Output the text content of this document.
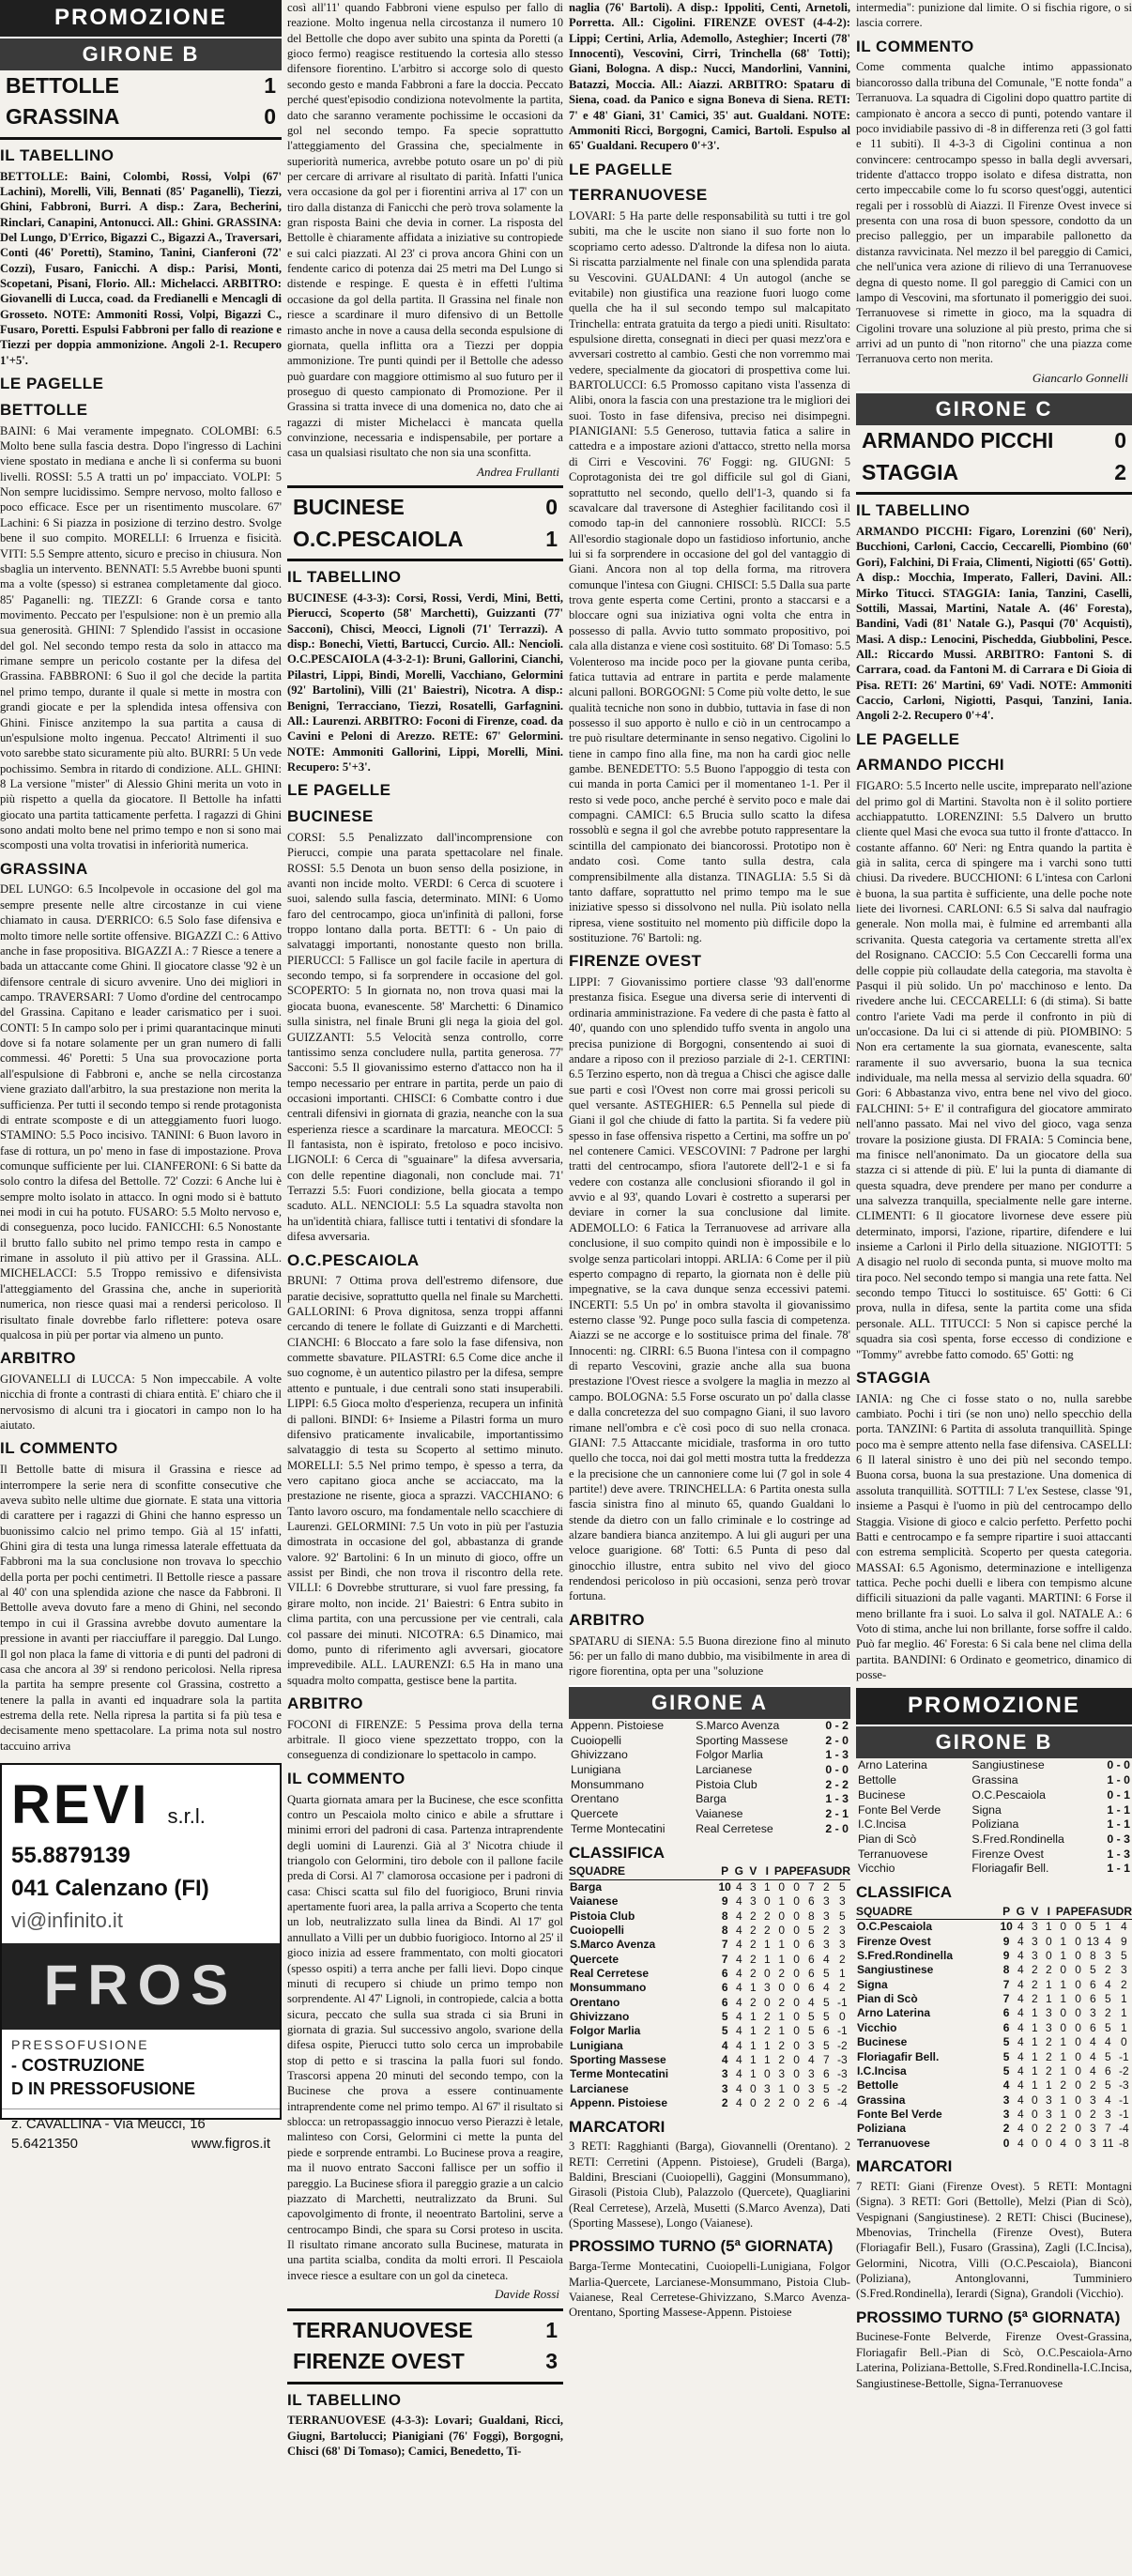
PROMOZIONE
GIRONE B
BETTOLLE	1
GRASSINA	0
IL TABELLINO

BETTOLLE: Baini, Colombi, Rossi, Volpi (67' Lachini), Morelli, Vili, Bennati (85' Paganelli), Tiezzi, Ghini, Fabbroni, Burri. A disp.: Zara, Becherini, Rinclari, Canapini, Antonucci. All.: Ghini. GRASSINA: Del Lungo, D'Errico, Bigazzi C., Bigazzi A., Traversari, Conti (46' Poretti), Stamino, Tanini, Cianferoni (72' Cozzi), Fusaro, Fanicchi. A disp.: Parisi, Monti, Scopetani, Pisani, Florio. All.: Michelacci. ARBITRO: Giovanelli di Lucca, coad. da Fredianelli e Mencagli di Grosseto. NOTE: Ammoniti Rossi, Volpi, Bigazzi C., Fusaro, Poretti. Espulsi Fabbroni per fallo di reazione e Tiezzi per doppia ammonizione. Angoli 2-1. Recupero 1'+5'.

LE PAGELLE
BETTOLLE

BAINI: 6 Mai veramente impegnato. COLOMBI: 6.5 Molto bene sulla fascia destra. Dopo l'ingresso di Lachini viene spostato in mediana e anche lì si conferma su buoni livelli. ROSSI: 5.5 A tratti un po' impacciato. VOLPI: 5 Non sempre lucidissimo. Sempre nervoso, molto falloso e poco efficace. Esce per un risentimento muscolare. 67' Lachini: 6 Si piazza in posizione di terzino destro. Svolge bene il suo compito. MORELLI: 6 Irruenza e fisicità. VITI: 5.5 Sempre attento, sicuro e preciso in chiusura. Non sbaglia un intervento. BENNATI: 5.5 Avrebbe buoni spunti ma a volte (spesso) si estranea completamente dal gioco. 85' Paganelli: ng. TIEZZI: 6 Grande corsa e tanto movimento. Peccato per l'espulsione: non è un premio alla sua generosità. GHINI: 7 Splendido l'assist in occasione del gol. Nel secondo tempo resta da solo in attacco ma rimane sempre un pericolo costante per la difesa del Grassina. FABBRONI: 6 Suo il gol che decide la partita nel primo tempo, durante il quale si mette in mostra con grandi giocate e per la splendida intesa offensiva con Ghini. Finisce anzitempo la sua partita a causa di un'espulsione molto ingenua. Peccato! Altrimenti il suo voto sarebbe stato sicuramente più alto. BURRI: 5 Un vede pochissimo. Sembra in ritardo di condizione. ALL. GHINI: 8 La versione "mister" di Alessio Ghini merita un voto in più rispetto a quella da giocatore. Il Bettolle ha infatti giocato una partita tatticamente perfetta. I ragazzi di Ghini sono andati molto bene nel primo tempo e non si sono mai scomposti una volta trovatisi in inferiorità numerica.

GRASSINA

DEL LUNGO: 6.5 Incolpevole in occasione del gol ma sempre presente nelle altre circostanze in cui viene chiamato in causa. D'ERRICO: 6.5 Solo fase difensiva e molto timore nelle sortite offensive. BIGAZZI C.: 6 Attivo anche in fase propositiva. BIGAZZI A.: 7 Riesce a tenere a bada un attaccante come Ghini. Il giocatore classe '92 è un difensore centrale di sicuro avvenire. Uno dei migliori in campo. TRAVERSARI: 7 Uomo d'ordine del centrocampo del Grassina. Capitano e leader carismatico per i suoi. CONTI: 5 In campo solo per i primi quarantacinque minuti dove si fa notare solamente per un gran numero di falli commessi. 46' Poretti: 5 Una sua provocazione porta all'espulsione di Fabbroni e, anche se nella circostanza viene graziato dall'arbitro, la sua prestazione non merita la sufficienza. Per tutti il secondo tempo si rende protagonista di entrate scomposte e di un atteggiamento fuori luogo. STAMINO: 5.5 Poco incisivo. TANINI: 6 Buon lavoro in fase di rottura, un po' meno in fase di impostazione. Prova comunque sufficiente per lui. CIANFERONI: 6 Si batte da solo contro la difesa del Bettolle. 72' Cozzi: 6 Anche lui è sempre molto isolato in attacco. In ogni modo si è battuto nei modi in cui ha potuto. FUSARO: 5.5 Molto nervoso e, di conseguenza, poco lucido. FANICCHI: 6.5 Nonostante il brutto fallo subito nel primo tempo resta in campo e rimane in assoluto il più attivo per il Grassina. ALL. MICHELACCI: 5.5 Troppo remissivo e difensivista l'atteggiamento del Grassina che, anche in superiorità numerica, non riesce quasi mai a rendersi pericoloso. Il risultato finale dovrebbe farlo riflettere: poteva osare qualcosa in più per portar via almeno un punto.

ARBITRO

GIOVANELLI di LUCCA: 5 Non impeccabile. A volte nicchia di fronte a contrasti di chiara entità. E' chiaro che il nervosismo di alcuni tra i giocatori in campo non lo ha aiutato.

IL COMMENTO

Il Bettolle batte di misura il Grassina e riesce ad interrompere la serie nera di sconfitte consecutive che aveva subìto nelle ultime due giornate. E stata una vittoria di carattere per i ragazzi di Ghini che hanno espresso un buonissimo calcio nel primo tempo. Già al 15' infatti, Ghini gira di testa una lunga rimessa laterale effettuata da Fabbroni ma la sua conclusione non trovava lo specchio della porta per pochi centimetri. Il Bettolle riesce a passare al 40' con una splendida azione che nasce da Fabbroni. Il Bettolle aveva dovuto fare a meno di Ghini, nel secondo tempo in cui il Grassina avrebbe dovuto aumentare la pressione in avanti per riacciuffare il pareggio. Dal Lungo. Il gol non placa la fame di vittoria e di punti del padroni di casa che ancora al 39' si rendono pericolosi. Nella ripresa la partita ha sempre presente col Grassina, costretto a tenere la palla in avanti ed inquadrare sola la partita estrema della rete. Nella ripresa la partita si fa più tesa e decisamente meno spettacolare. La prima nota sul nostro taccuino arriva

REVI s.r.l.
55.8879139
041 Calenzano (FI)
vi@infinito.it
FROS
PRESSOFUSIONE
- COSTRUZIONE
D IN PRESSOFUSIONE
z. CAVALLINA - Via Meucci, 16
5.6421350	www.figros.it

così all'11' quando Fabbroni viene espulso per fallo di reazione. Molto ingenua nella circostanza il numero 10 del Bettolle che dopo aver subito una spinta da Poretti (a gioco fermo) reagisce restituendo la cortesia allo stesso difensore fiorentino. L'arbitro si accorge solo di questo secondo gesto e manda Fabbroni a fare la doccia. Peccato perché quest'episodio condiziona notevolmente la partita, dato che saranno veramente pochissime le occasioni da gol nel secondo tempo. Fa specie soprattutto l'atteggiamento del Grassina che, specialmente in superiorità numerica, avrebbe potuto osare un po' di più per cercare di arrivare al risultato di parità. Infatti l'unica vera occasione da gol per i fiorentini arriva al 17' con un tiro dalla distanza di Fanicchi che però trova solamente la gran risposta Baini che devia in corner. La risposta del Bettolle è chiaramente affidata a iniziative su contropiede e sui calci piazzati. Al 23' ci prova ancora Ghini con un fendente carico di potenza dai 25 metri ma Del Lungo si distende e respinge. E questa è in effetti l'ultima occasione da gol della partita. Il Grassina nel finale non riesce a scardinare il muro difensivo di un Bettolle rimasto anche in nove a causa della seconda espulsione di giornata, quella inflitta ora a Tiezzi per doppia ammonizione. Tre punti quindi per il Bettolle che adesso può guardare con maggiore ottimismo al suo futuro per il proseguo di questo campionato di Promozione. Per il Grassina si tratta invece di una domenica no, dato che ai ragazzi di mister Michelacci è mancata quella convinzione, necessaria e indispensabile, per portare a casa un qualsiasi risultato che non sia una sconfitta.

Andrea Frullanti
BUCINESE	0
O.C.PESCAIOLA	1
IL TABELLINO

BUCINESE (4-3-3): Corsi, Rossi, Verdi, Mini, Betti, Pierucci, Scoperto (58' Marchetti), Guizzanti (77' Sacconi), Chisci, Meocci, Lignoli (71' Terrazzi). A disp.: Bonechi, Vietti, Bartucci, Curcio. All.: Nencioli. O.C.PESCAIOLA (4-3-2-1): Bruni, Gallorini, Cianchi, Pilastri, Lippi, Bindi, Morelli, Vacchiano, Gelormini (92' Bartolini), Villi (21' Baiestri), Nicotra. A disp.: Benigni, Terracciano, Tiezzi, Rosatelli, Garfagnini. All.: Laurenzi. ARBITRO: Foconi di Firenze, coad. da Cavini e Peloni di Arezzo. RETE: 67' Gelormini. NOTE: Ammoniti Gallorini, Lippi, Morelli, Mini. Recupero: 5'+3'.

LE PAGELLE
BUCINESE

CORSI: 5.5 Penalizzato dall'incomprensione con Pierucci, compie una parata spettacolare nel finale. ROSSI: 5.5 Denota un buon senso della posizione, in avanti non incide molto. VERDI: 6 Cerca di scuotere i suoi, salendo sulla fascia, determinato. MINI: 6 Uomo faro del centrocampo, gioca un'infinità di palloni, forse troppo lontano dalla porta. BETTI: 6 - Un paio di salvataggi importanti, nonostante questo non brilla. PIERUCCI: 5 Fallisce un gol facile facile in apertura di secondo tempo, si fa sorprendere in occasione del gol. SCOPERTO: 5 In giornata no, non trova quasi mai la giocata buona, evanescente. 58' Marchetti: 6 Dinamico sulla sinistra, nel finale Bruni gli nega la gioia del gol. GUIZZANTI: 5.5 Velocità senza controllo, corre tantissimo senza concludere nulla, partita generosa. 77' Sacconi: 5.5 Il giovanissimo esterno d'attacco non ha il tempo necessario per entrare in partita, perde un paio di occasioni importanti. CHISCI: 6 Combatte contro i due centrali difensivi in giornata di grazia, neanche con la sua esperienza riesce a scardinare la marcatura. MEOCCI: 5 Il fantasista, non è ispirato, fretoloso e poco incisivo. LIGNOLI: 6 Cerca di "sguainare" la difesa avversaria, con delle repentine diagonali, non conclude mai. 71' Terrazzi 5.5: Fuori condizione, bella giocata a tempo scaduto. ALL. NENCIOLI: 5.5 La squadra stavolta non ha un'identità chiara, fallisce tutti i tentativi di sfondare la difesa avversaria.

O.C.PESCAIOLA

BRUNI: 7 Ottima prova dell'estremo difensore, due paratie decisive, soprattutto quella nel finale su Marchetti. GALLORINI: 6 Prova dignitosa, senza troppi affanni cercando di tenere le follate di Guizzanti e di Marchetti. CIANCHI: 6 Bloccato a fare solo la fase difensiva, non commette sbavature. PILASTRI: 6.5 Come dice anche il suo cognome, è un autentico pilastro per la difesa, sempre attento e puntuale, i due centrali sono stati insuperabili. LIPPI: 6.5 Gioca molto d'esperienza, recupera un infinità di palloni. BINDI: 6+ Insieme a Pilastri forma un muro difensivo praticamente invalicabile, importantissimo salvataggio di testa su Scoperto al settimo minuto. MORELLI: 5.5 Nel primo tempo, è spesso a terra, da vero capitano gioca anche se acciaccato, ma la prestazione ne risente, gioca a sprazzi. VACCHIANO: 6 Tanto lavoro oscuro, ma fondamentale nello scacchiere di Laurenzi. GELORMINI: 7.5 Un voto in più per l'astuzia dimostrata in occasione del gol, abbastanza di grande valore. 92' Bartolini: 6 In un minuto di gioco, offre un assist per Bindi, che non trova il riscontro della rete. VILLI: 6 Dovrebbe strutturare, si vuol fare pressing, fa girare molto, non incide. 21' Baiestri: 6 Entra subito in clima partita, con una percussione per vie centrali, cala col passare dei minuti. NICOTRA: 6.5 Dinamico, mai domo, punto di riferimento agli avversari, giocatore imprevedibile. ALL. LAURENZI: 6.5 Ha in mano una squadra molto compatta, gestisce bene la partita.

ARBITRO

FOCONI di FIRENZE: 5 Pessima prova della terna arbitrale. Il gioco viene spezzettato troppo, con la conseguenza di condizionare lo spettacolo in campo.

IL COMMENTO

Quarta giornata amara per la Bucinese, che esce sconfitta contro un Pescaiola molto cinico e abile a sfruttare i minimi errori del padroni di casa. Partenza intraprendente degli uomini di Laurenzi. Già al 3' Nicotra chiude il triangolo con Gelormini, tiro debole con il pallone facile preda di Corsi. Al 7' clamorosa occasione per i padroni di casa: Chisci scatta sul filo del fuorigioco, Bruni rinvia apertamente fuori area, la palla arriva a Scoperto che tenta un lob, neutralizzato sulla linea da Bindi. Al 17' gol annullato a Villi per un dubbio fuorigioco. Intorno al 25' il gioco inizia ad essere frammentato, con molti giocatori (spesso ospiti) a terra anche per falli lievi. Dopo cinque minuti di recupero si chiude un primo tempo non sorprendente. Al 47' Lignoli, in contropiede, calcia a botta sicura, peccato che sulla sua strada ci sia Bruni in giornata di grazia. Sul successivo angolo, svarione della difesa ospite, Pierucci tutto solo cerca un improbabile stop di petto e si trascina la palla fuori sul fondo. Trascorsi appena 20 minuti del secondo tempo, con la Bucinese che prova a essere continuamente intraprendente come nel primo tempo. Al 67' il risultato si sblocca: un retropassaggio innocuo verso Pierazzi è letale, malinteso con Corsi, Gelormini ci mette la punta del piede e sorprende entrambi. Lo Bucinese prova a reagire, ma il nuovo entrato Sacconi fallisce per un soffio il pareggio. La Bucinese sfiora il pareggio grazie a un calcio piazzato di Marchetti, neutralizzato da Bruni. Sul capovolgimento di fronte, il neoentrato Bartolini, serve a centrocampo Bindi, che spara su Corsi proteso in uscita. Il risultato rimane ancorato sulla Bucinese, maturata in una partita scialba, condita da molti errori. Il Pescaiola invece riesce a esultare con un gol da cineteca.

Davide Rossi
TERRANUOVESE	1
FIRENZE OVEST	3
IL TABELLINO

TERRANUOVESE (4-3-3): Lovari; Gualdani, Ricci, Giugni, Bartolucci; Pianigiani (76' Foggi), Borgogni, Chisci (68' Di Tomaso); Camici, Benedetto, Ti-

naglia (76' Bartoli). A disp.: Ippoliti, Centi, Arnetoli, Porretta. All.: Cigolini. FIRENZE OVEST (4-4-2): Lippi; Certini, Arlia, Ademollo, Asteghier; Incerti (78' Innocenti), Vescovini, Cirri, Trinchella (68' Totti); Giani, Bologna. A disp.: Nucci, Mandorlini, Vannini, Batazzi, Moccia. All.: Aiazzi. ARBITRO: Spataru di Siena, coad. da Panico e signa Boneva di Siena. RETI: 7' e 48' Giani, 31' Camici, 35' aut. Gualdani. NOTE: Ammoniti Ricci, Borgogni, Camici, Bartoli. Espulso al 65' Gualdani. Recupero 0'+3'.

LE PAGELLE
TERRANUOVESE

LOVARI: 5 Ha parte delle responsabilità su tutti i tre gol subiti, ma che le uscite non siano il suo forte non lo scopriamo certo adesso. D'altronde la difesa non lo aiuta. Si riscatta parzialmente nel finale con una splendida parata su Vescovini. GUALDANI: 4 Un autogol (anche se evitabile) non giustifica una reazione fuori luogo come quella che ha il sul secondo tempo sul malcapitato Trinchella: entrata gratuita da tergo a piedi uniti. Risultato: espulsione diretta, consegnati in dieci per quasi mezz'ora e avversari costretto al cambio. Gesti che non vorremmo mai vedere, specialmente da giocatori di prospettiva come lui. BARTOLUCCI: 6.5 Promosso capitano vista l'assenza di Alibi, onora la fascia con una prestazione tra le migliori dei suoi. Tosto in fase difensiva, preciso nei disimpegni. PIANIGIANI: 5.5 Generoso, tuttavia fatica a salire in cattedra e a impostare azioni d'attacco, stretto nella morsa di Cirri e Vescovini. 76' Foggi: ng. GIUGNI: 5 Coprotagonista dei tre gol difficile sul gol di Giani, soprattutto nel secondo, quello dell'1-3, quando si fa scavalcare dal traversone di Asteghier facilitando così il comodo tap-in del cannoniere rossoblù. RICCI: 5.5 All'esordio stagionale dopo un fastidioso infortunio, anche lui si fa sorprendere in occasione del gol del vantaggio di Giani. Ancora non al top della forma, ma ritrovera comunque l'intesa con Giugni. CHISCI: 5.5 Dalla sua parte trova gente esperta come Certini, pronto a staccarsi e a bloccare ogni sua iniziativa ogni volta che entra in possesso di palla. Avvio tutto sommato propositivo, poi cala alla distanza e viene così sostituito. 68' Di Tomaso: 5.5 Volenteroso ma incide poco per la giovane punta ceriba, fatica tuttavia ad entrare in partita e perde malamente alcuni palloni. BORGOGNI: 5 Come più volte detto, le sue qualità tecniche non sono in dubbio, tuttavia in fase di non possesso il suo apporto è nullo e ciò in un centrocampo a tre può risultare determinante in senso negativo. Cigolini lo tiene in campo fino alla fine, ma non ha cardi gioc nelle gambe. BENEDETTO: 5.5 Buono l'appoggio di testa con cui manda in porta Camici per il momentaneo 1-1. Per il resto si vede poco, anche perché è servito poco e male dai compagni. CAMICI: 6.5 Brucia sullo scatto la difesa rossoblù e segna il gol che avrebbe potuto rappresentare la scintilla del campionato dei biancorossi. Prototipo non è andato così. Come tanto sulla destra, cala comprensibilmente alla distanza. TINAGLIA: 5.5 Si dà tanto daffare, soprattutto nel primo tempo ma le sue iniziative spesso si dissolvono nel nulla. Più isolato nella ripresa, viene sostituito nel momento più difficile dopo la sostituzione. 76' Bartoli: ng.

FIRENZE OVEST

LIPPI: 7 Giovanissimo portiere classe '93 dall'enorme prestanza fisica. Esegue una diversa serie di interventi di ordinaria amministrazione. Fa vedere di che pasta è fatto al 40', quando con uno splendido tuffo sventa in angolo una precisa punizione di Borgogni, consentendo ai suoi di andare a riposo con il prezioso parziale di 2-1. CERTINI: 6.5 Terzino esperto, non dà tregua a Chisci che agisce dalle sue parti e così l'Ovest non corre mai grossi pericoli su quel versante. ASTEGHIER: 6.5 Pennella sul piede di Giani il gol che chiude di fatto la partita. Si fa vedere più spesso in fase offensiva rispetto a Certini, ma soffre un po' nel contenere Camici. VESCOVINI: 7 Padrone per larghi tratti del centrocampo, sfiora l'autorete dell'2-1 e si fa vedere con costanza alle conclusioni sfiorando il gol in avvio e al 93', quando Lovari è costretto a superarsi per deviare in corner la sua conclusione dal limite. ADEMOLLO: 6 Fatica la Terranuovese ad arrivare alla conclusione, il suo compito quindi non è impossibile e lo svolge senza particolari intoppi. ARLIA: 6 Come per il più esperto compagno di reparto, la giornata non è delle più impegnative, se la cava dunque senza eccessivi patemi. INCERTI: 5.5 Un po' in ombra stavolta il giovanissimo esterno classe '92. Punge poco sulla fascia di competenza. Aiazzi se ne accorge e lo sostituisce prima del finale. 78' Innocenti: ng. CIRRI: 6.5 Buona l'intesa con il compagno di reparto Vescovini, grazie anche alla sua buona prestazione l'Ovest riesce a svolgere la maglia in mezzo al campo. BOLOGNA: 5.5 Forse oscurato un po' dalla classe e dalla concretezza del suo compagno Giani, il suo lavoro rimane nell'ombra e c'è così poco di suo nella cronaca. GIANI: 7.5 Attaccante micidiale, trasforma in oro tutto quello che tocca, noi dai gol metti mostra tutta la freddezza e la precisione che un cannoniere come lui (7 gol in sole 4 partite!) deve avere. TRINCHELLA: 6 Partita onesta sulla fascia sinistra fino al minuto 65, quando Gualdani lo stende da dietro con un fallo criminale e lo costringe ad alzare bandiera bianca anzitempo. A lui gli auguri per una veloce guarigione. 68' Totti: 6.5 Punta di peso dal ginocchio illustre, entra subito nel vivo del gioco rendendosi pericoloso in più occasioni, senza però trovar fortuna.

ARBITRO

SPATARU di SIENA: 5.5 Buona direzione fino al minuto 56: per un fallo di mano dubbio, ma visibilmente in area di rigore fiorentina, opta per una "soluzione

GIRONE A
Appenn. Pistoiese	S.Marco Avenza	0 - 2
Cuoiopelli	Sporting Massese	2 - 0
Ghivizzano	Folgor Marlia	1 - 3
Lunigiana	Larcianese	0 - 0
Monsummano	Pistoia Club	2 - 2
Orentano	Barga	1 - 3
Quercete	Vaianese	2 - 1
Terme Montecatini	Real Cerretese	2 - 0
CLASSIFICA
SQUADRE	P	G	V	I	PA	PE	FA	SU	DR
Barga	10	4	3	1	0	0	7	2	5
Vaianese	9	4	3	0	1	0	6	3	3
Pistoia Club	8	4	2	2	0	0	8	3	5
Cuoiopelli	8	4	2	2	0	0	5	2	3
S.Marco Avenza	7	4	2	1	1	0	6	3	3
Quercete	7	4	2	1	1	0	6	4	2
Real Cerretese	6	4	2	0	2	0	6	5	1
Monsummano	6	4	1	3	0	0	6	4	2
Orentano	6	4	2	0	2	0	4	5	-1
Ghivizzano	5	4	1	2	1	0	5	5	0
Folgor Marlia	5	4	1	2	1	0	5	6	-1
Lunigiana	4	4	1	1	2	0	3	5	-2
Sporting Massese	4	4	1	1	2	0	4	7	-3
Terme Montecatini	3	4	1	0	3	0	3	6	-3
Larcianese	3	4	0	3	1	0	3	5	-2
Appenn. Pistoiese	2	4	0	2	2	0	2	6	-4
MARCATORI

3 RETI: Ragghianti (Barga), Giovannelli (Orentano). 2 RETI: Cerretini (Appenn. Pistoiese), Grudeli (Barga), Baldini, Bresciani (Cuoiopelli), Gaggini (Monsummano), Girasoli (Pistoia Club), Palazzolo (Quercete), Quagliarini (Real Cerretese), Arzelà, Musetti (S.Marco Avenza), Dati (Sporting Massese), Longo (Vaianese).

PROSSIMO TURNO (5ª GIORNATA)

Barga-Terme Montecatini, Cuoiopelli-Lunigiana, Folgor Marlia-Quercete, Larcianese-Monsummano, Pistoia Club-Vaianese, Real Cerretese-Ghivizzano, S.Marco Avenza-Orentano, Sporting Massese-Appenn. Pistoiese

intermedia": punizione dal limite. O si fischia rigore, o si lascia correre.

IL COMMENTO

Come commenta qualche intimo appassionato biancorosso dalla tribuna del Comunale, "E notte fonda" a Terranuova. La squadra di Cigolini dopo quattro partite di campionato è ancora a secco di punti, potendo vantare il poco invidiabile passivo di -8 in differenza reti (3 gol fatti e 11 subiti). Il 4-3-3 di Cigolini continua a non convincere: centrocampo spesso in balla degli avversari, tridente d'attacco troppo isolato e difesa distratta, non certo impeccabile come lo fu scorso quest'oggi, autentici regali per i rossoblù di Aiazzi. Il Firenze Ovest invece si presenta con una rosa di buon spessore, condotto da un preciso palleggio, per un imparabile pallonetto da distanza ravvicinata. Nel mezzo il bel pareggio di Camici, che nell'unica vera azione di rilievo di una Terranuovese degna di questo nome. Il gol pareggio di Camici con un lampo di Vescovini, ma sfortunato il pomeriggio dei suoi. Terranuovese si rimette in gioco, ma la squadra di Cigolini trovare una soluzione al più presto, prima che si arrivi ad un punto di "non ritorno" che una piazza come Terranuova certo non merita.

Giancarlo Gonnelli
GIRONE C
ARMANDO PICCHI	0
STAGGIA	2
IL TABELLINO

ARMANDO PICCHI: Figaro, Lorenzini (60' Neri), Bucchioni, Carloni, Caccio, Ceccarelli, Piombino (60' Gori), Falchini, Di Fraia, Climenti, Nigiotti (65' Gotti). A disp.: Mocchia, Imperato, Falleri, Davini. All.: Mirko Titucci. STAGGIA: Iania, Tanzini, Caselli, Sottili, Massai, Martini, Natale A. (46' Foresta), Bandini, Vadi (81' Natale G.), Pasqui (70' Acquisti), Masi. A disp.: Lenocini, Pischedda, Giubbolini, Pesce. All.: Riccardo Mussi. ARBITRO: Fantoni S. di Carrara, coad. da Fantoni M. di Carrara e Di Gioia di Pisa. RETI: 26' Martini, 69' Vadi. NOTE: Ammoniti Caccio, Carloni, Nigiotti, Pasqui, Tanzini, Iania. Angoli 2-2. Recupero 0'+4'.

LE PAGELLE
ARMANDO PICCHI

FIGARO: 5.5 Incerto nelle uscite, impreparato nell'azione del primo gol di Martini. Stavolta non è il solito portiere acchiappatutto. LORENZINI: 5.5 Dalvero un brutto cliente quel Masi che evoca sua tutto il fronte d'attacco. In costante affanno. 60' Neri: ng Entra quando la partita è già in salita, cerca di spingere ma i varchi sono tutti chiusi. Da rivedere. BUCCHIONI: 6 L'intesa con Carloni è buona, la sua partita è sufficiente, una delle poche note liete dei livornesi. CARLONI: 6.5 Si salva dal naufragio generale. Non molla mai, è fulmine ed arrembanti alla scrivanita. Questa categoria va certamente stretta all'ex del Rosignano. CACCIO: 5.5 Con Ceccarelli forma una delle coppie più collaudate della categoria, ma stavolta è Pasqui il più solido. Un po' macchinoso e lento. Da rivedere anche lui. CECCARELLI: 6 (di stima). Si batte contro l'ariete Vadi ma perde il confronto in più di un'occasione. Da lui ci si attende di più. PIOMBINO: 5 Non era certamente la sua giornata, evanescente, salta raramente il suo avversario, buona la sua tecnica individuale, ma nella messa al servizio della squadra. 60' Gori: 6 Abbastanza vivo, entra bene nel vivo del gioco. FALCHINI: 5+ E' il contrafigura del giocatore ammirato nell'anno passato. Mai nel vivo del gioco, vaga senza trovare la posizione giusta. DI FRAIA: 5 Comincia bene, ma finisce nell'anonimato. Da un giocatore della sua stazza ci si attende di più. E' lui la punta di diamante di questa squadra, deve prendere per mano per condurre a una salvezza tranquilla, specialmente nelle gare interne. CLIMENTI: 6 Il giocatore livornese deve essere più determinato, imporsi, l'azione, ripartire, difendere e lui insieme a Carloni il Pirlo della situazione. NIGIOTTI: 5 A disagio nel ruolo di seconda punta, si muove molto ma tira poco. Nel secondo tempo si mangia una rete fatta. Nel secondo tempo Titucci lo sostituisce. 65' Gotti: 6 Ci prova, nulla in difesa, sente la partita come una sfida personale. ALL. TITUCCI: 5 Non si capisce perché la squadra sia così spenta, forse eccesso di condizione e "Tommy" avrebbe fatto comodo. 65' Gotti: ng

STAGGIA

IANIA: ng Che ci fosse stato o no, nulla sarebbe cambiato. Pochi i tiri (se non uno) nello specchio della porta. TANZINI: 6 Partita di assoluta tranquillità. Spinge poco ma è sempre attento nella fase difensiva. CASELLI: 6 Il lateral sinistro è uno dei più nel secondo tempo. Buona corsa, buona la sua prestazione. Una domenica di assoluta tranquillità. SOTTILI: 7 L'ex Sestese, classe '91, insieme a Pasqui è l'uomo in più del centrocampo dello Staggia. Visione di gioco e calcio perfetto. Perfetto pochi Batti e centrocampo e fa sempre ripartire i suoi attaccanti con estrema semplicità. Scoperto per questa categoria. MASSAI: 6.5 Agonismo, determinazione e intelligenza tattica. Peche pochi duelli e libera con tempismo alcune difficili situazioni da palle vaganti. MARTINI: 6 Forse il meno brillante fra i suoi. Lo salva il gol. NATALE A.: 6 Voto di stima, anche lui non brillante, forse soffre il caldo. Può far meglio. 46' Foresta: 6 Si cala bene nel clima della partita. BANDINI: 6 Ordinato e geometrico, dinamico di posse-

PROMOZIONE
GIRONE B
Arno Laterina	Sangiustinese	0 - 0
Bettolle	Grassina	1 - 0
Bucinese	O.C.Pescaiola	0 - 1
Fonte Bel Verde	Signa	1 - 1
I.C.Incisa	Poliziana	1 - 1
Pian di Scò	S.Fred.Rondinella	0 - 3
Terranuovese	Firenze Ovest	1 - 3
Vicchio	Floriagafir Bell.	1 - 1
CLASSIFICA
SQUADRE	P	G	V	I	PA	PE	FA	SU	DR
O.C.Pescaiola	10	4	3	1	0	0	5	1	4
Firenze Ovest	9	4	3	0	1	0	13	4	9
S.Fred.Rondinella	9	4	3	0	1	0	8	3	5
Sangiustinese	8	4	2	2	0	0	5	2	3
Signa	7	4	2	1	1	0	6	4	2
Pian di Scò	7	4	2	1	1	0	6	5	1
Arno Laterina	6	4	1	3	0	0	3	2	1
Vicchio	6	4	1	3	0	0	6	5	1
Bucinese	5	4	1	2	1	0	4	4	0
Floriagafir Bell.	5	4	1	2	1	0	4	5	-1
I.C.Incisa	5	4	1	2	1	0	4	6	-2
Bettolle	4	4	1	1	2	0	2	5	-3
Grassina	3	4	0	3	1	0	3	4	-1
Fonte Bel Verde	3	4	0	3	1	0	2	3	-1
Poliziana	2	4	0	2	2	0	3	7	-4
Terranuovese	0	4	0	0	4	0	3	11	-8
MARCATORI

7 RETI: Giani (Firenze Ovest). 5 RETI: Montagni (Signa). 3 RETI: Gori (Bettolle), Melzi (Pian di Scò), Vespignani (Sangiustinese). 2 RETI: Chisci (Bucinese), Mbenovias, Trinchella (Firenze Ovest), Butera (Floriagafir Bell.), Fusaro (Grassina), Zagli (I.C.Incisa), Gelormini, Nicotra, Villi (O.C.Pescaiola), Bianconi (Poliziana), Antonglovanni, Tumminiero (S.Fred.Rondinella), Ierardi (Signa), Grandoli (Vicchio).

PROSSIMO TURNO (5ª GIORNATA)

Bucinese-Fonte Belverde, Firenze Ovest-Grassina, Floriagafir Bell.-Pian di Scò, O.C.Pescaiola-Arno Laterina, Poliziana-Bettolle, S.Fred.Rondinella-I.C.Incisa, Sangiustinese-Bettolle, Signa-Terranuovese
